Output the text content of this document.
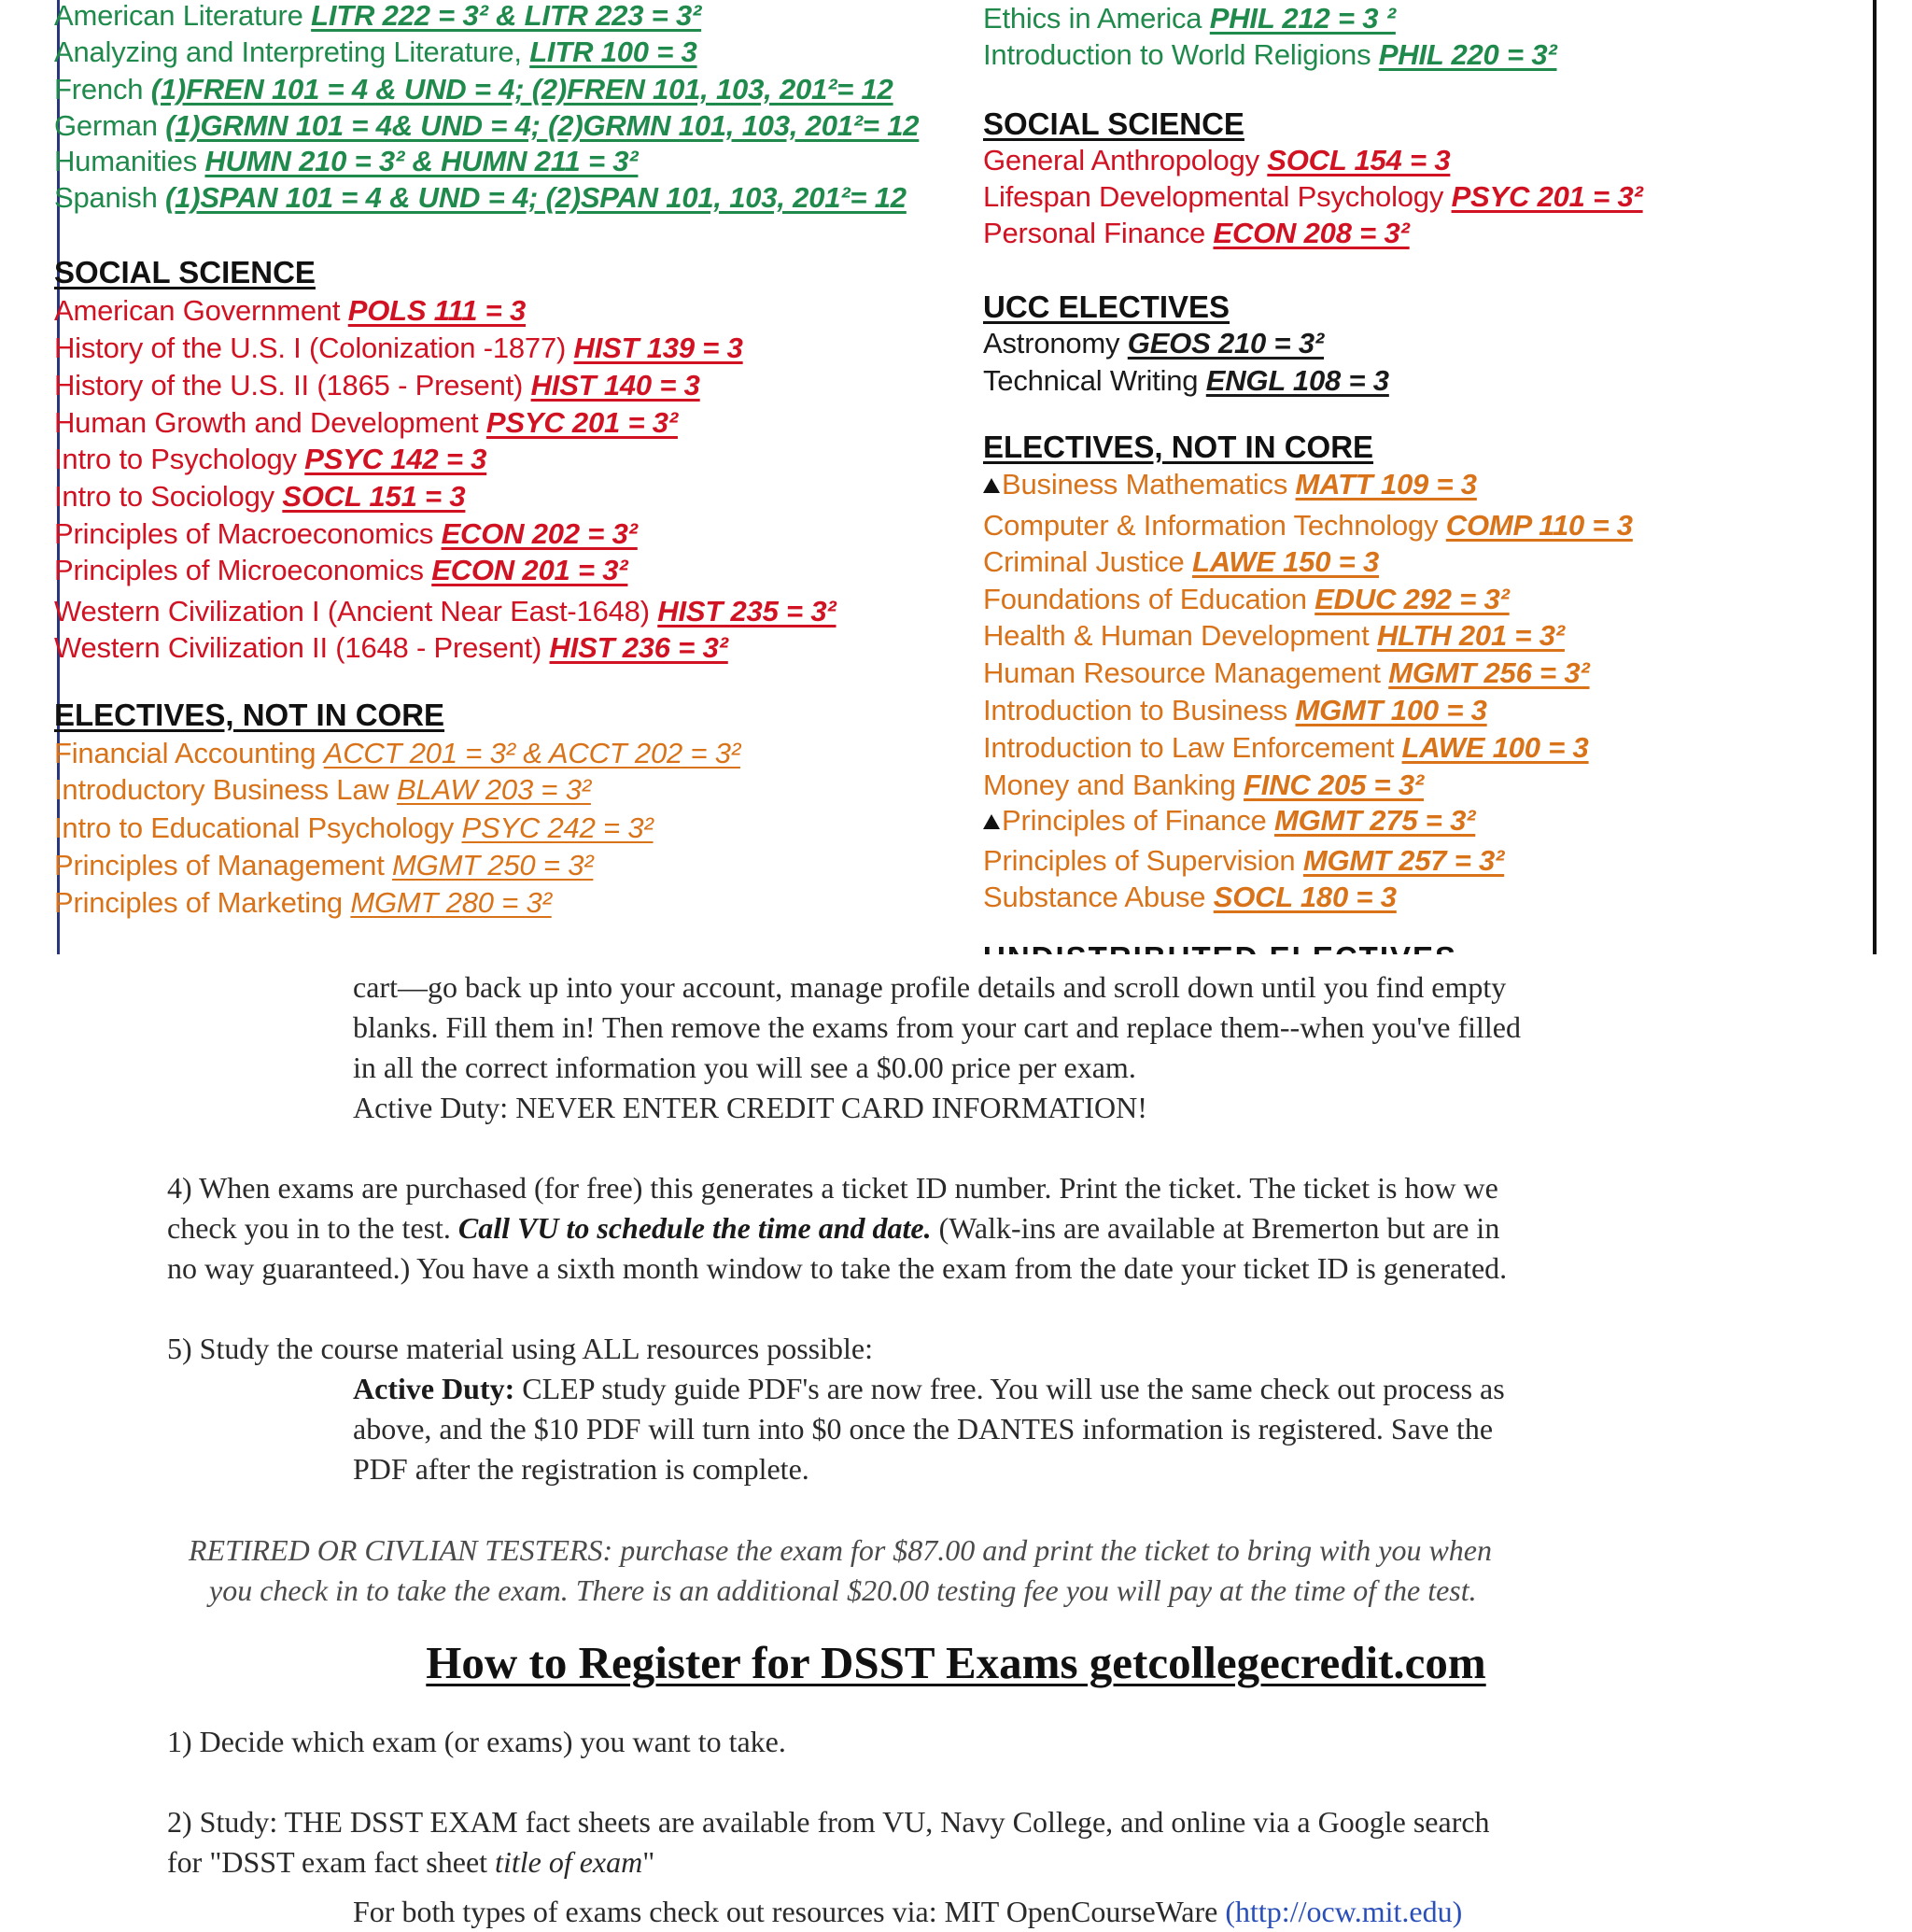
American Literature LITR 222 = 3² & LITR 223 = 3²
Analyzing and Interpreting Literature, LITR 100 = 3
French (1)FREN 101 = 4 & UND = 4; (2)FREN 101, 103, 201²= 12
German (1)GRMN 101 = 4& UND = 4; (2)GRMN 101, 103, 201²= 12
Humanities HUMN 210 = 3² & HUMN 211 = 3²
Spanish (1)SPAN 101 = 4 & UND = 4; (2)SPAN 101, 103, 201²= 12
SOCIAL SCIENCE
American Government POLS 111 = 3
History of the U.S. I (Colonization -1877) HIST 139 = 3
History of the U.S. II (1865 - Present) HIST 140 = 3
Human Growth and Development PSYC 201 = 3²
Intro to Psychology PSYC 142 = 3
Intro to Sociology SOCL 151 = 3
Principles of Macroeconomics ECON 202 = 3²
Principles of Microeconomics ECON 201 = 3²
Western Civilization I (Ancient Near East-1648) HIST 235 = 3²
Western Civilization II (1648 - Present) HIST 236 = 3²
ELECTIVES, NOT IN CORE
Financial Accounting ACCT 201 = 3² & ACCT 202 = 3²
Introductory Business Law BLAW 203 = 3²
Intro to Educational Psychology PSYC 242 = 3²
Principles of Management MGMT 250 = 3²
Principles of Marketing MGMT 280 = 3²
Ethics in America PHIL 212 = 3 ²
Introduction to World Religions PHIL 220 = 3²
SOCIAL SCIENCE
General Anthropology SOCL 154 = 3
Lifespan Developmental Psychology PSYC 201 = 3²
Personal Finance ECON 208 = 3²
UCC ELECTIVES
Astronomy GEOS 210 = 3²
Technical Writing ENGL 108 = 3
ELECTIVES, NOT IN CORE
Business Mathematics MATT 109 = 3
Computer & Information Technology COMP 110 = 3
Criminal Justice LAWE 150 = 3
Foundations of Education EDUC 292 = 3²
Health & Human Development HLTH 201 = 3²
Human Resource Management MGMT 256 = 3²
Introduction to Business MGMT 100 = 3
Introduction to Law Enforcement LAWE 100 = 3
Money and Banking FINC 205 = 3²
Principles of Finance MGMT 275 = 3²
Principles of Supervision MGMT 257 = 3²
Substance Abuse SOCL 180 = 3
cart—go back up into your account, manage profile details and scroll down until you find empty
blanks. Fill them in! Then remove the exams from your cart and replace them--when you've filled
in all the correct information you will see a $0.00 price per exam.
Active Duty: NEVER ENTER CREDIT CARD INFORMATION!
4) When exams are purchased (for free) this generates a ticket ID number. Print the ticket. The ticket is how we
check you in to the test. Call VU to schedule the time and date. (Walk-ins are available at Bremerton but are in
no way guaranteed.) You have a sixth month window to take the exam from the date your ticket ID is generated.
5) Study the course material using ALL resources possible:
Active Duty: CLEP study guide PDF's are now free. You will use the same check out process as
above, and the $10 PDF will turn into $0 once the DANTES information is registered. Save the
PDF after the registration is complete.
RETIRED OR CIVLIAN TESTERS: purchase the exam for $87.00 and print the ticket to bring with you when
you check in to take the exam. There is an additional $20.00 testing fee you will pay at the time of the test.
How to Register for DSST Exams getcollegecredit.com
1) Decide which exam (or exams) you want to take.
2) Study: THE DSST EXAM fact sheets are available from VU, Navy College, and online via a Google search
for "DSST exam fact sheet title of exam"
For both types of exams check out resources via: MIT OpenCourseWare (http://ocw.mit.edu)
